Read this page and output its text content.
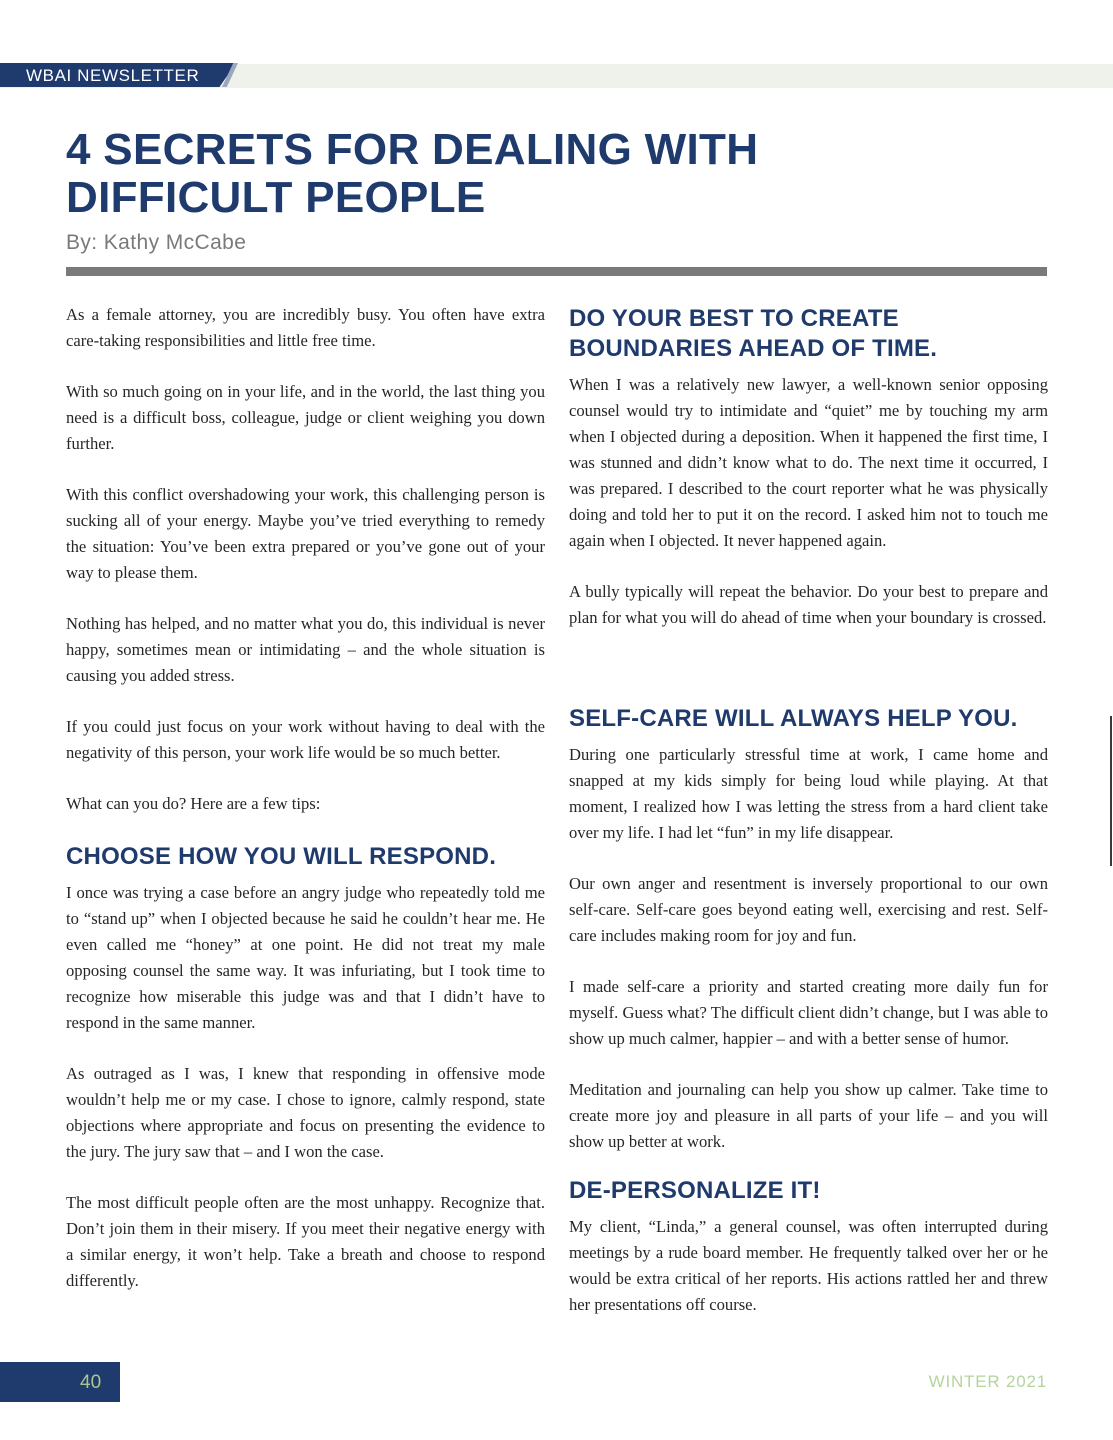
WBAI NEWSLETTER
4 SECRETS FOR DEALING WITH DIFFICULT PEOPLE
By: Kathy McCabe

As a female attorney, you are incredibly busy. You often have extra care-taking responsibilities and little free time.

With so much going on in your life, and in the world, the last thing you need is a difficult boss, colleague, judge or client weighing you down further.

With this conflict overshadowing your work, this challenging person is sucking all of your energy. Maybe you’ve tried everything to remedy the situation: You’ve been extra prepared or you’ve gone out of your way to please them.

Nothing has helped, and no matter what you do, this individual is never happy, sometimes mean or intimidating – and the whole situation is causing you added stress.

If you could just focus on your work without having to deal with the negativity of this person, your work life would be so much better.

What can you do? Here are a few tips:

CHOOSE HOW YOU WILL RESPOND.

I once was trying a case before an angry judge who repeatedly told me to “stand up” when I objected because he said he couldn’t hear me. He even called me “honey” at one point. He did not treat my male opposing counsel the same way. It was infuriating, but I took time to recognize how miserable this judge was and that I didn’t have to respond in the same manner.

As outraged as I was, I knew that responding in offensive mode wouldn’t help me or my case. I chose to ignore, calmly respond, state objections where appropriate and focus on presenting the evidence to the jury. The jury saw that – and I won the case.

The most difficult people often are the most unhappy. Recognize that. Don’t join them in their misery. If you meet their negative energy with a similar energy, it won’t help. Take a breath and choose to respond differently.

DO YOUR BEST TO CREATE BOUNDARIES AHEAD OF TIME.

When I was a relatively new lawyer, a well-known senior opposing counsel would try to intimidate and “quiet” me by touching my arm when I objected during a deposition. When it happened the first time, I was stunned and didn’t know what to do. The next time it occurred, I was prepared. I described to the court reporter what he was physically doing and told her to put it on the record. I asked him not to touch me again when I objected. It never happened again.

A bully typically will repeat the behavior. Do your best to prepare and plan for what you will do ahead of time when your boundary is crossed.

SELF-CARE WILL ALWAYS HELP YOU.

During one particularly stressful time at work, I came home and snapped at my kids simply for being loud while playing. At that moment, I realized how I was letting the stress from a hard client take over my life. I had let “fun” in my life disappear.

Our own anger and resentment is inversely proportional to our own self-care. Self-care goes beyond eating well, exercising and rest. Self-care includes making room for joy and fun.

I made self-care a priority and started creating more daily fun for myself. Guess what? The difficult client didn’t change, but I was able to show up much calmer, happier – and with a better sense of humor.

Meditation and journaling can help you show up calmer. Take time to create more joy and pleasure in all parts of your life – and you will show up better at work.

DE-PERSONALIZE IT!

My client, “Linda,” a general counsel, was often interrupted during meetings by a rude board member. He frequently talked over her or he would be extra critical of her reports. His actions rattled her and threw her presentations off course.

40	WINTER 2021
